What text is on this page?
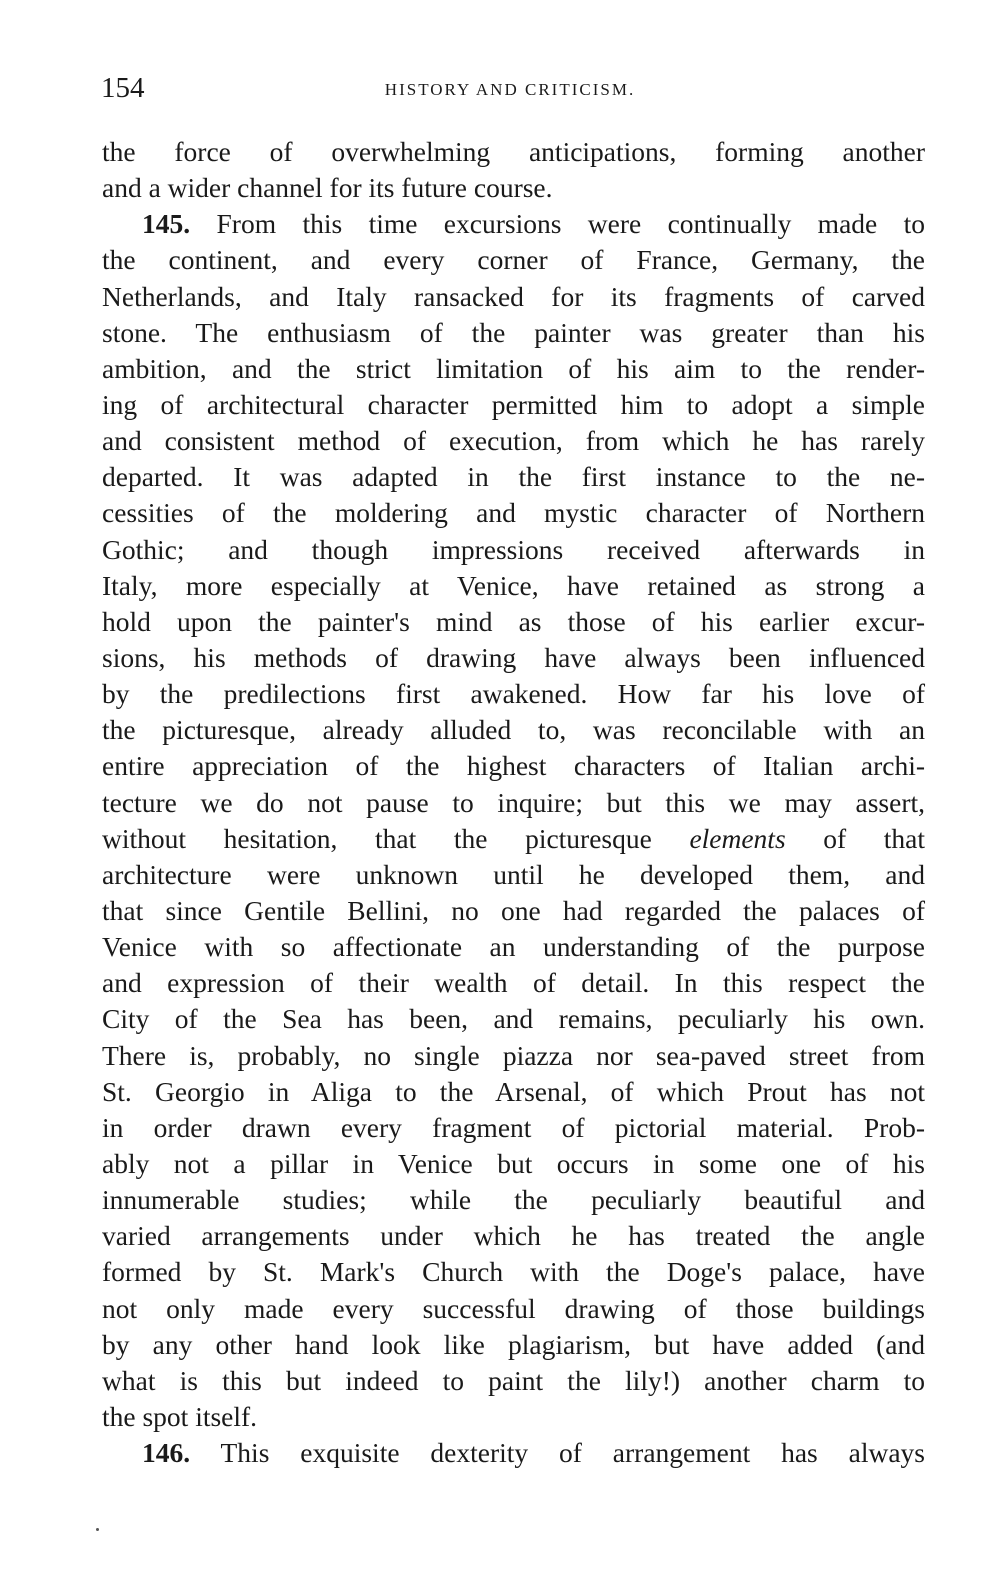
154	HISTORY AND CRITICISM.
the force of overwhelming anticipations, forming another
and a wider channel for its future course.
145. From this time excursions were continually made to
the continent, and every corner of France, Germany, the
Netherlands, and Italy ransacked for its fragments of carved
stone. The enthusiasm of the painter was greater than his
ambition, and the strict limitation of his aim to the render-
ing of architectural character permitted him to adopt a simple
and consistent method of execution, from which he has rarely
departed. It was adapted in the first instance to the ne-
cessities of the moldering and mystic character of Northern
Gothic; and though impressions received afterwards in
Italy, more especially at Venice, have retained as strong a
hold upon the painter's mind as those of his earlier excur-
sions, his methods of drawing have always been influenced
by the predilections first awakened. How far his love of
the picturesque, already alluded to, was reconcilable with an
entire appreciation of the highest characters of Italian archi-
tecture we do not pause to inquire; but this we may assert,
without hesitation, that the picturesque elements of that
architecture were unknown until he developed them, and
that since Gentile Bellini, no one had regarded the palaces of
Venice with so affectionate an understanding of the purpose
and expression of their wealth of detail. In this respect the
City of the Sea has been, and remains, peculiarly his own.
There is, probably, no single piazza nor sea-paved street from
St. Georgio in Aliga to the Arsenal, of which Prout has not
in order drawn every fragment of pictorial material. Prob-
ably not a pillar in Venice but occurs in some one of his
innumerable studies; while the peculiarly beautiful and
varied arrangements under which he has treated the angle
formed by St. Mark's Church with the Doge's palace, have
not only made every successful drawing of those buildings
by any other hand look like plagiarism, but have added (and
what is this but indeed to paint the lily!) another charm to
the spot itself.
146. This exquisite dexterity of arrangement has always
